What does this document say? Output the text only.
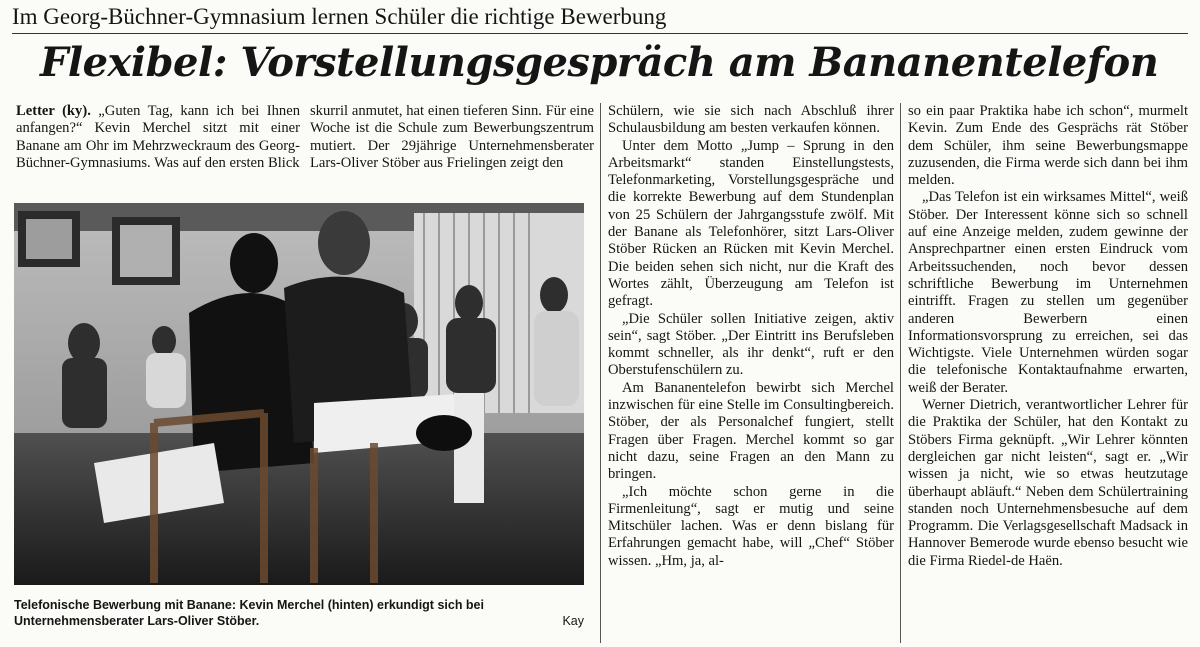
Im Georg-Büchner-Gymnasium lernen Schüler die richtige Bewerbung
Flexibel: Vorstellungsgespräch am Bananentelefon

Letter (ky). „Guten Tag, kann ich bei Ihnen anfangen?“ Kevin Merchel sitzt mit einer Banane am Ohr im Mehrzweckraum des Georg- Büchner-Gymnasiums. Was auf den ersten Blick

skurril anmutet, hat einen tieferen Sinn. Für eine Woche ist die Schule zum Bewerbungszentrum mutiert. Der 29jährige Unternehmensberater Lars-Oliver Stöber aus Frielingen zeigt den

Telefonische Bewerbung mit Banane: Kevin Merchel (hinten) erkundigt sich bei Unternehmensberater Lars-Oliver Stöber.	Kay

Schülern, wie sie sich nach Abschluß ihrer Schulausbildung am besten verkaufen können.

Unter dem Motto „Jump – Sprung in den Arbeitsmarkt“ standen Einstellungstests, Telefonmarketing, Vorstellungsgespräche und die korrekte Bewerbung auf dem Stundenplan von 25 Schülern der Jahrgangsstufe zwölf. Mit der Banane als Telefonhörer, sitzt Lars-Oliver Stöber Rücken an Rücken mit Kevin Merchel. Die beiden sehen sich nicht, nur die Kraft des Wortes zählt, Überzeugung am Telefon ist gefragt.

„Die Schüler sollen Initiative zeigen, aktiv sein“, sagt Stöber. „Der Eintritt ins Berufsleben kommt schneller, als ihr denkt“, ruft er den Oberstufenschülern zu.

Am Bananentelefon bewirbt sich Merchel inzwischen für eine Stelle im Consultingbereich. Stöber, der als Personalchef fungiert, stellt Fragen über Fragen. Merchel kommt so gar nicht dazu, seine Fragen an den Mann zu bringen.

„Ich möchte schon gerne in die Firmenleitung“, sagt er mutig und seine Mitschüler lachen. Was er denn bislang für Erfahrungen gemacht habe, will „Chef“ Stöber wissen. „Hm, ja, al-

so ein paar Praktika habe ich schon“, murmelt Kevin. Zum Ende des Gesprächs rät Stöber dem Schüler, ihm seine Bewerbungsmappe zuzusenden, die Firma werde sich dann bei ihm melden.

„Das Telefon ist ein wirksames Mittel“, weiß Stöber. Der Interessent könne sich so schnell auf eine Anzeige melden, zudem gewinne der Ansprechpartner einen ersten Eindruck vom Arbeitssuchenden, noch bevor dessen schriftliche Bewerbung im Unternehmen eintrifft. Fragen zu stellen um gegenüber anderen Bewerbern einen Informationsvorsprung zu erreichen, sei das Wichtigste. Viele Unternehmen würden sogar die telefonische Kontaktaufnahme erwarten, weiß der Berater.

Werner Dietrich, verantwortlicher Lehrer für die Praktika der Schüler, hat den Kontakt zu Stöbers Firma geknüpft. „Wir Lehrer könnten dergleichen gar nicht leisten“, sagt er. „Wir wissen ja nicht, wie so etwas heutzutage überhaupt abläuft.“ Neben dem Schülertraining standen noch Unternehmensbesuche auf dem Programm. Die Verlagsgesellschaft Madsack in Hannover Bemerode wurde ebenso besucht wie die Firma Riedel-de Haën.
